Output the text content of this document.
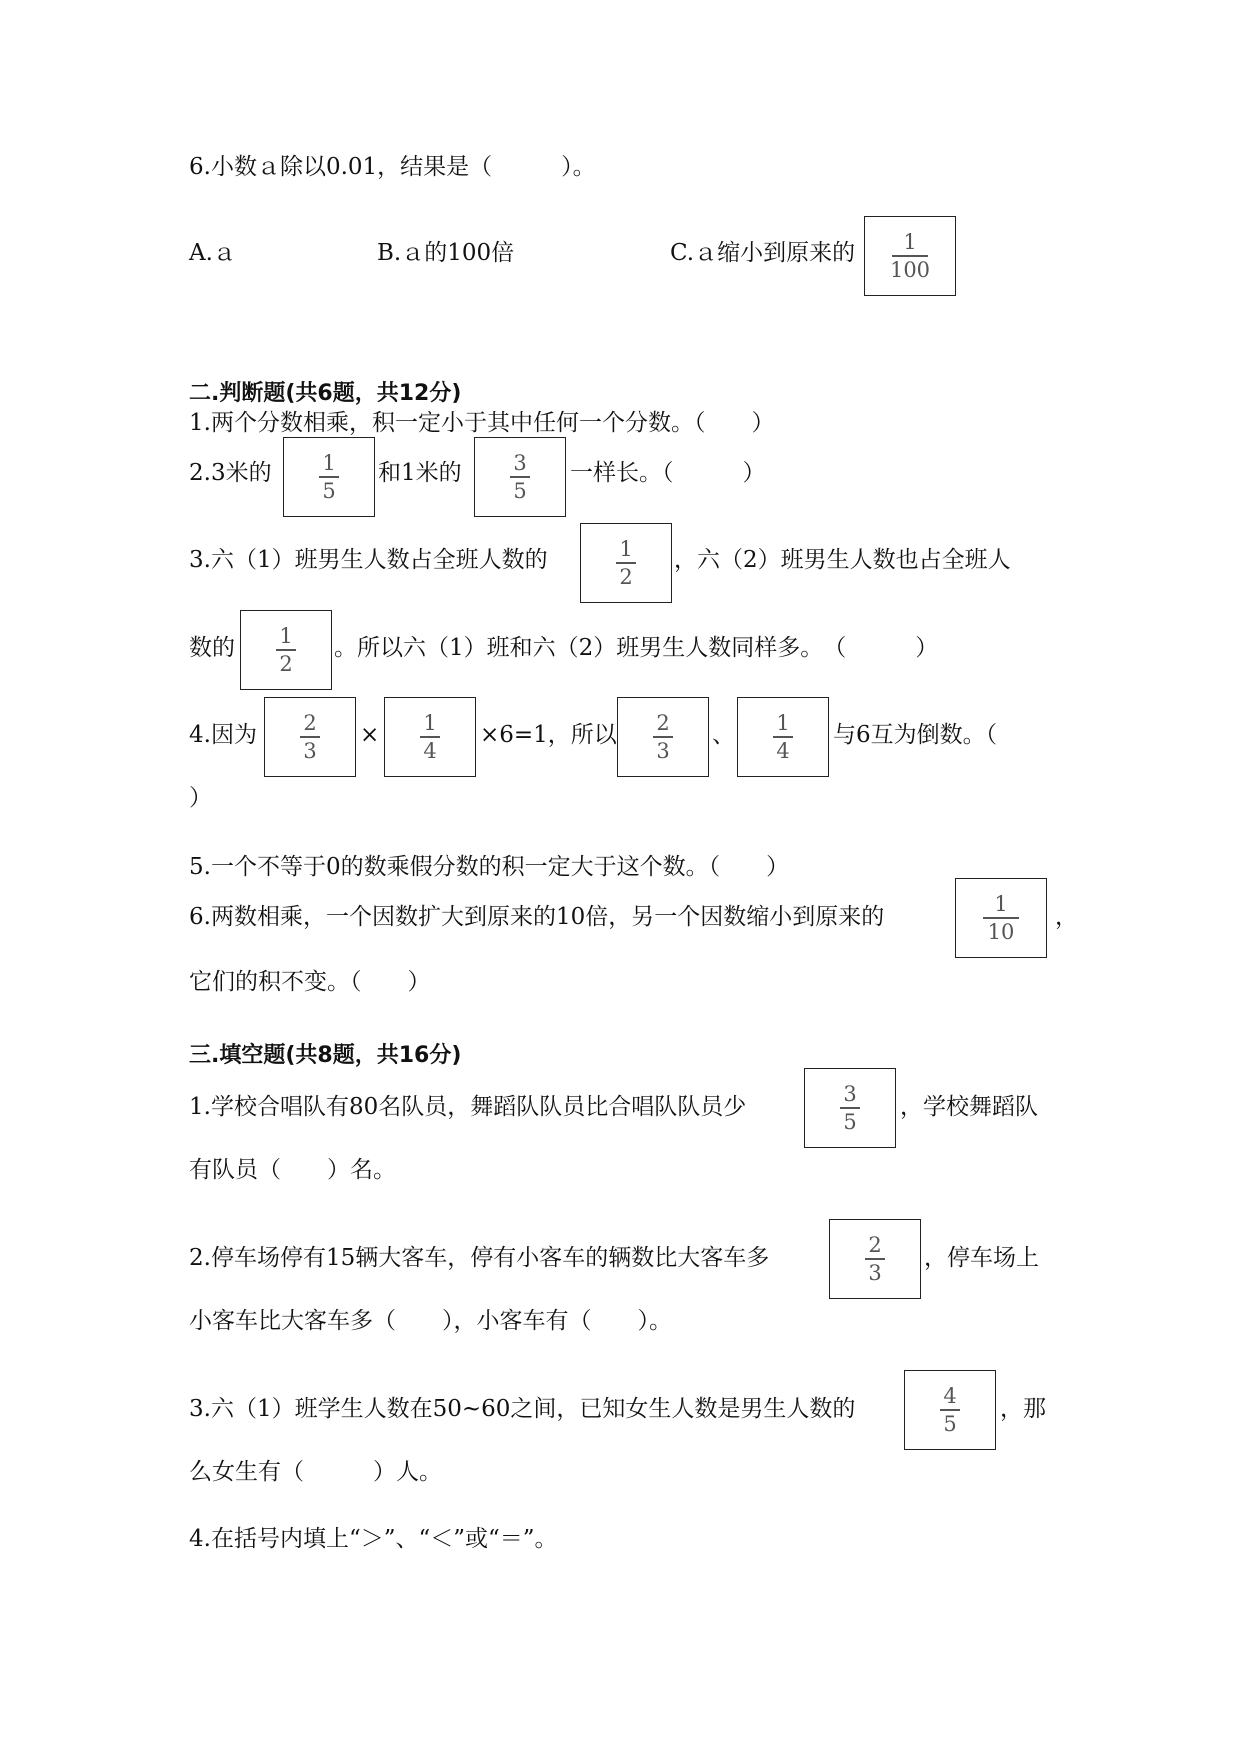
6.小数ａ除以0.01，结果是（　　　）。
A.ａ	B.ａ的100倍	C.ａ缩小到原来的 1
100
二.判断题(共6题，共12分)
1.两个分数相乘，积一定小于其中任何一个分数。（　　）
2.3米的 1
5
和1米的 3
5
一样长。（　　　）
3.六（1）班男生人数占全班人数的	1
2
，六（2）班男生人数也占全班人
数的 1
2
。所以六（1）班和六（2）班男生人数同样多。　（　　　）
4.因为 2
3
× 1
4
×6=1，所以 2
3
、 1
4
与6互为倒数。（
）
5.一个不等于0的数乘假分数的积一定大于这个数。（　　）
6.两数相乘，一个因数扩大到原来的10倍，另一个因数缩小到原来的	1
10
，
它们的积不变。（　　）
三.填空题(共8题，共16分)
1.学校合唱队有80名队员，舞蹈队队员比合唱队队员少	3
5
，学校舞蹈队
有队员（　　）名。
2.停车场停有15辆大客车，停有小客车的辆数比大客车多	2
3
，停车场上
小客车比大客车多（　　），小客车有（　　）。
3.六（1）班学生人数在50~60之间，已知女生人数是男生人数的	4
5
，那
么女生有（　　　）人。
4.在括号内填上“＞”、“＜”或“＝”。
